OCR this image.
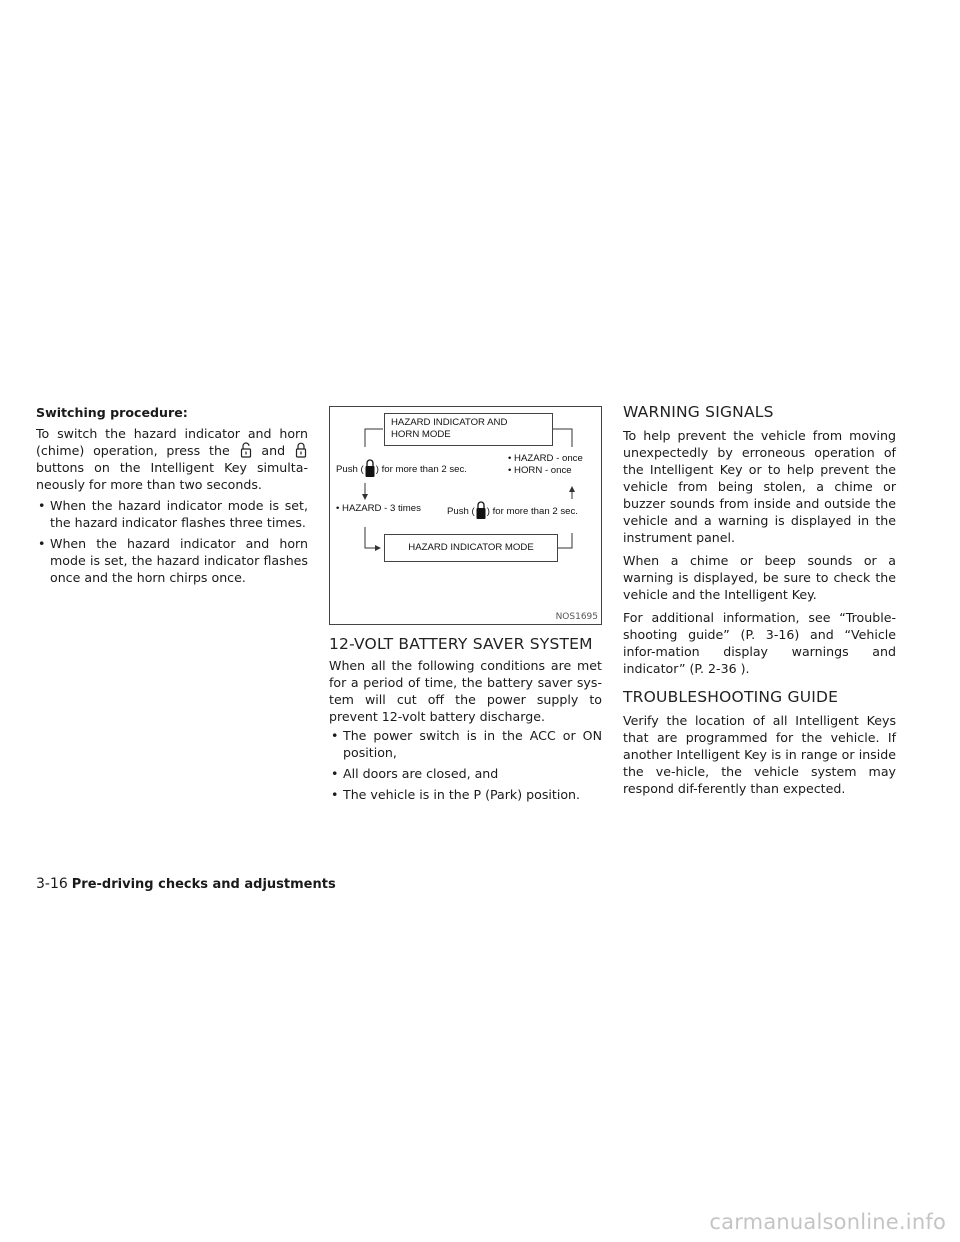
Switching procedure:

To switch the hazard indicator and horn (chime) operation, press the	and  buttons on the Intelligent Key simulta-neously for more than two seconds.

• When the hazard indicator mode is set, the hazard indicator flashes three times.
• When the hazard indicator and horn mode is set, the hazard indicator flashes once and the horn chirps once.
HAZARD INDICATOR AND
HORN MODE
Push ( ) for more than 2 sec.
• HAZARD - once
• HORN - once
• HAZARD - 3 times	Push ( ) for more than 2 sec.
HAZARD INDICATOR MODE
NOS1695
12-VOLT BATTERY SAVER SYSTEM

When all the following conditions are met for a period of time, the battery saver sys-tem will cut off the power supply to prevent 12-volt battery discharge.

• The power switch is in the ACC or ON position,
• All doors are closed, and
• The vehicle is in the P (Park) position.
WARNING SIGNALS

To help prevent the vehicle from moving unexpectedly by erroneous operation of the Intelligent Key or to help prevent the vehicle from being stolen, a chime or buzzer sounds from inside and outside the vehicle and a warning is displayed in the instrument panel.

When a chime or beep sounds or a warning is displayed, be sure to check the vehicle and the Intelligent Key.

For additional information, see “Trouble-shooting guide” (P. 3-16) and “Vehicle infor-mation display warnings and indicator” (P. 2-36 ).

TROUBLESHOOTING GUIDE

Verify the location of all Intelligent Keys that are programmed for the vehicle. If another Intelligent Key is in range or inside the ve-hicle, the vehicle system may respond dif-ferently than expected.

3-16 Pre-driving checks and adjustments
carmanualsonline.info
